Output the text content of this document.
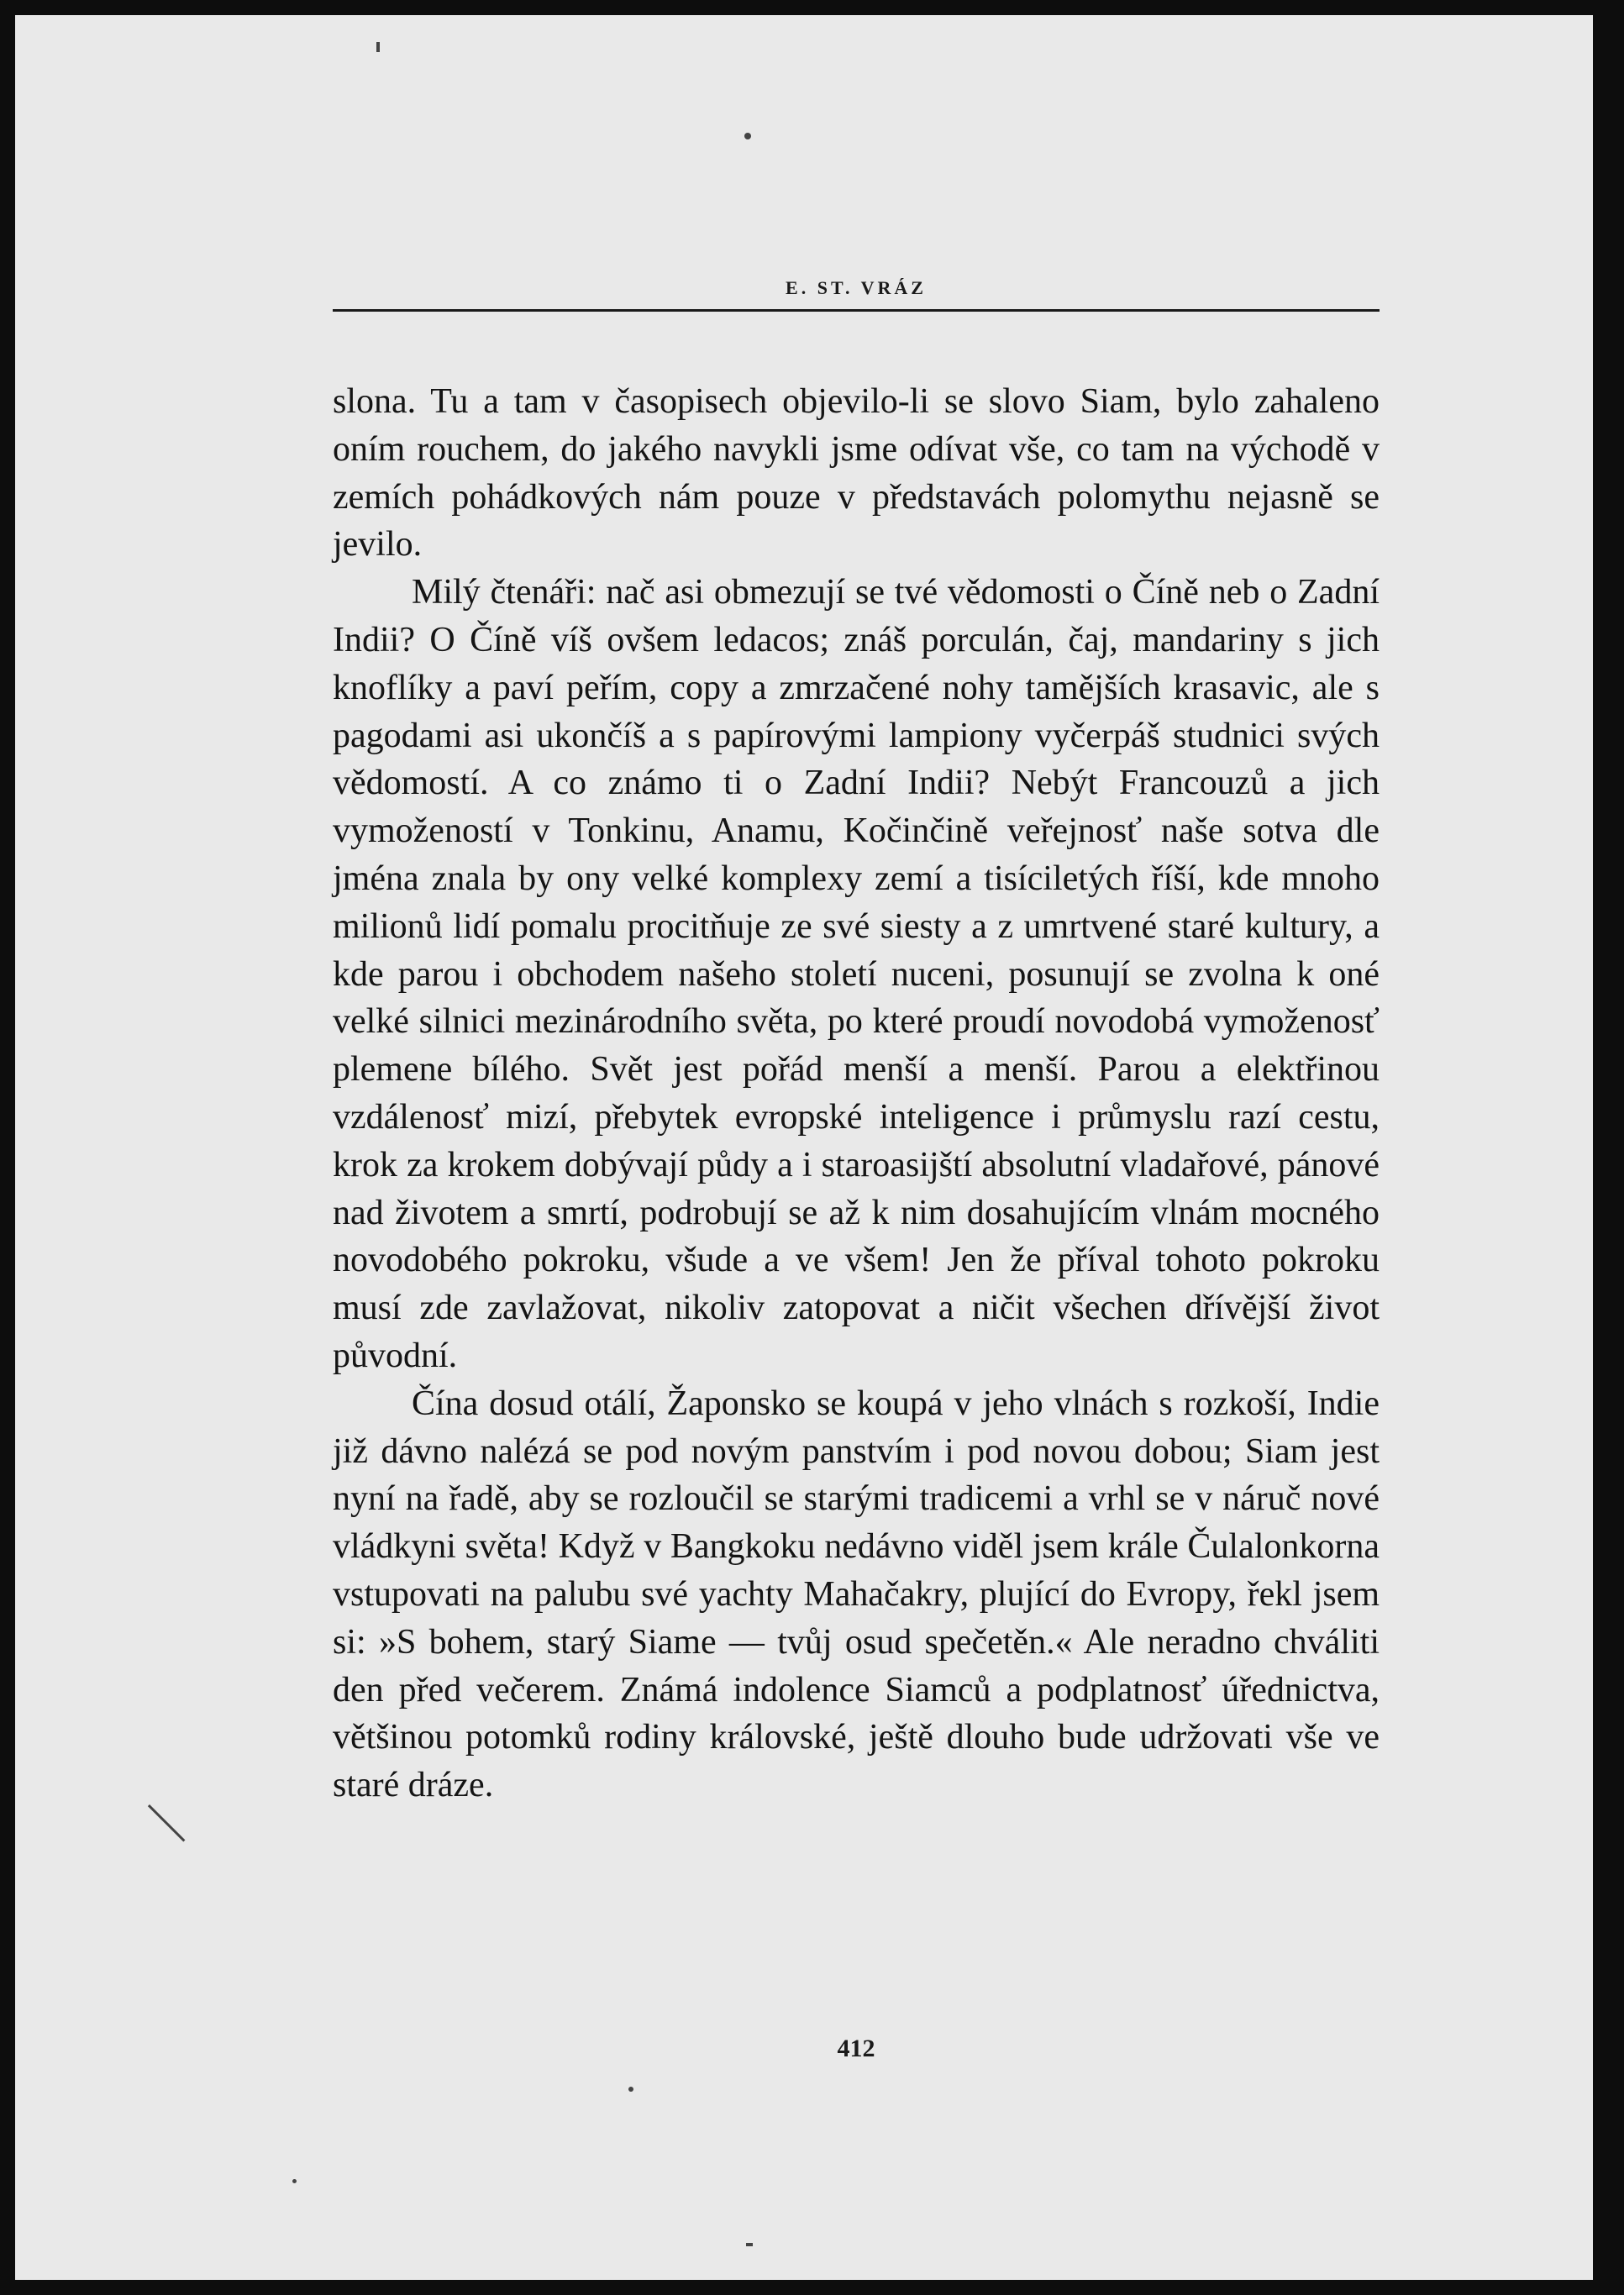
E. ST. VRÁZ

slona. Tu a tam v časopisech objevilo-li se slovo Siam, bylo zahaleno oním rouchem, do jakého navykli jsme odívat vše, co tam na východě v zemích pohádkových nám pouze v představách polomythu nejasně se jevilo.

Milý čtenáři: nač asi obmezují se tvé vědomosti o Číně neb o Zadní Indii? O Číně víš ovšem ledacos; znáš porculán, čaj, mandariny s jich knoflíky a paví peřím, copy a zmrzačené nohy tamějších krasavic, ale s pagodami asi ukončíš a s papírovými lampiony vyčerpáš studnici svých vědomostí. A co známo ti o Zadní Indii? Nebýt Francouzů a jich vymožeností v Tonkinu, Anamu, Kočinčině veřejnosť naše sotva dle jména znala by ony velké komplexy zemí a tisíciletých říší, kde mnoho milionů lidí pomalu procitňuje ze své siesty a z umrtvené staré kultury, a kde parou i obchodem našeho století nuceni, posunují se zvolna k oné velké silnici mezinárodního světa, po které proudí novodobá vymoženosť plemene bílého. Svět jest pořád menší a menší. Parou a elektřinou vzdálenosť mizí, přebytek evropské inteligence i průmyslu razí cestu, krok za krokem dobývají půdy a i staroasijští absolutní vladařové, pánové nad životem a smrtí, podrobují se až k nim dosahujícím vlnám mocného novodobého pokroku, všude a ve všem! Jen že příval tohoto pokroku musí zde zavlažovat, nikoliv zatopovat a ničit všechen dřívější život původní.

Čína dosud otálí, Žaponsko se koupá v jeho vlnách s rozkoší, Indie již dávno nalézá se pod novým panstvím i pod novou dobou; Siam jest nyní na řadě, aby se rozloučil se starými tradicemi a vrhl se v náruč nové vládkyni světa! Když v Bangkoku nedávno viděl jsem krále Čulalonkorna vstupovati na palubu své yachty Mahačakry, plující do Evropy, řekl jsem si: »S bohem, starý Siame — tvůj osud spečetěn.« Ale neradno chváliti den před večerem. Známá indolence Siamců a podplatnosť úřednictva, většinou potomků rodiny královské, ještě dlouho bude udržovati vše ve staré dráze.

412
